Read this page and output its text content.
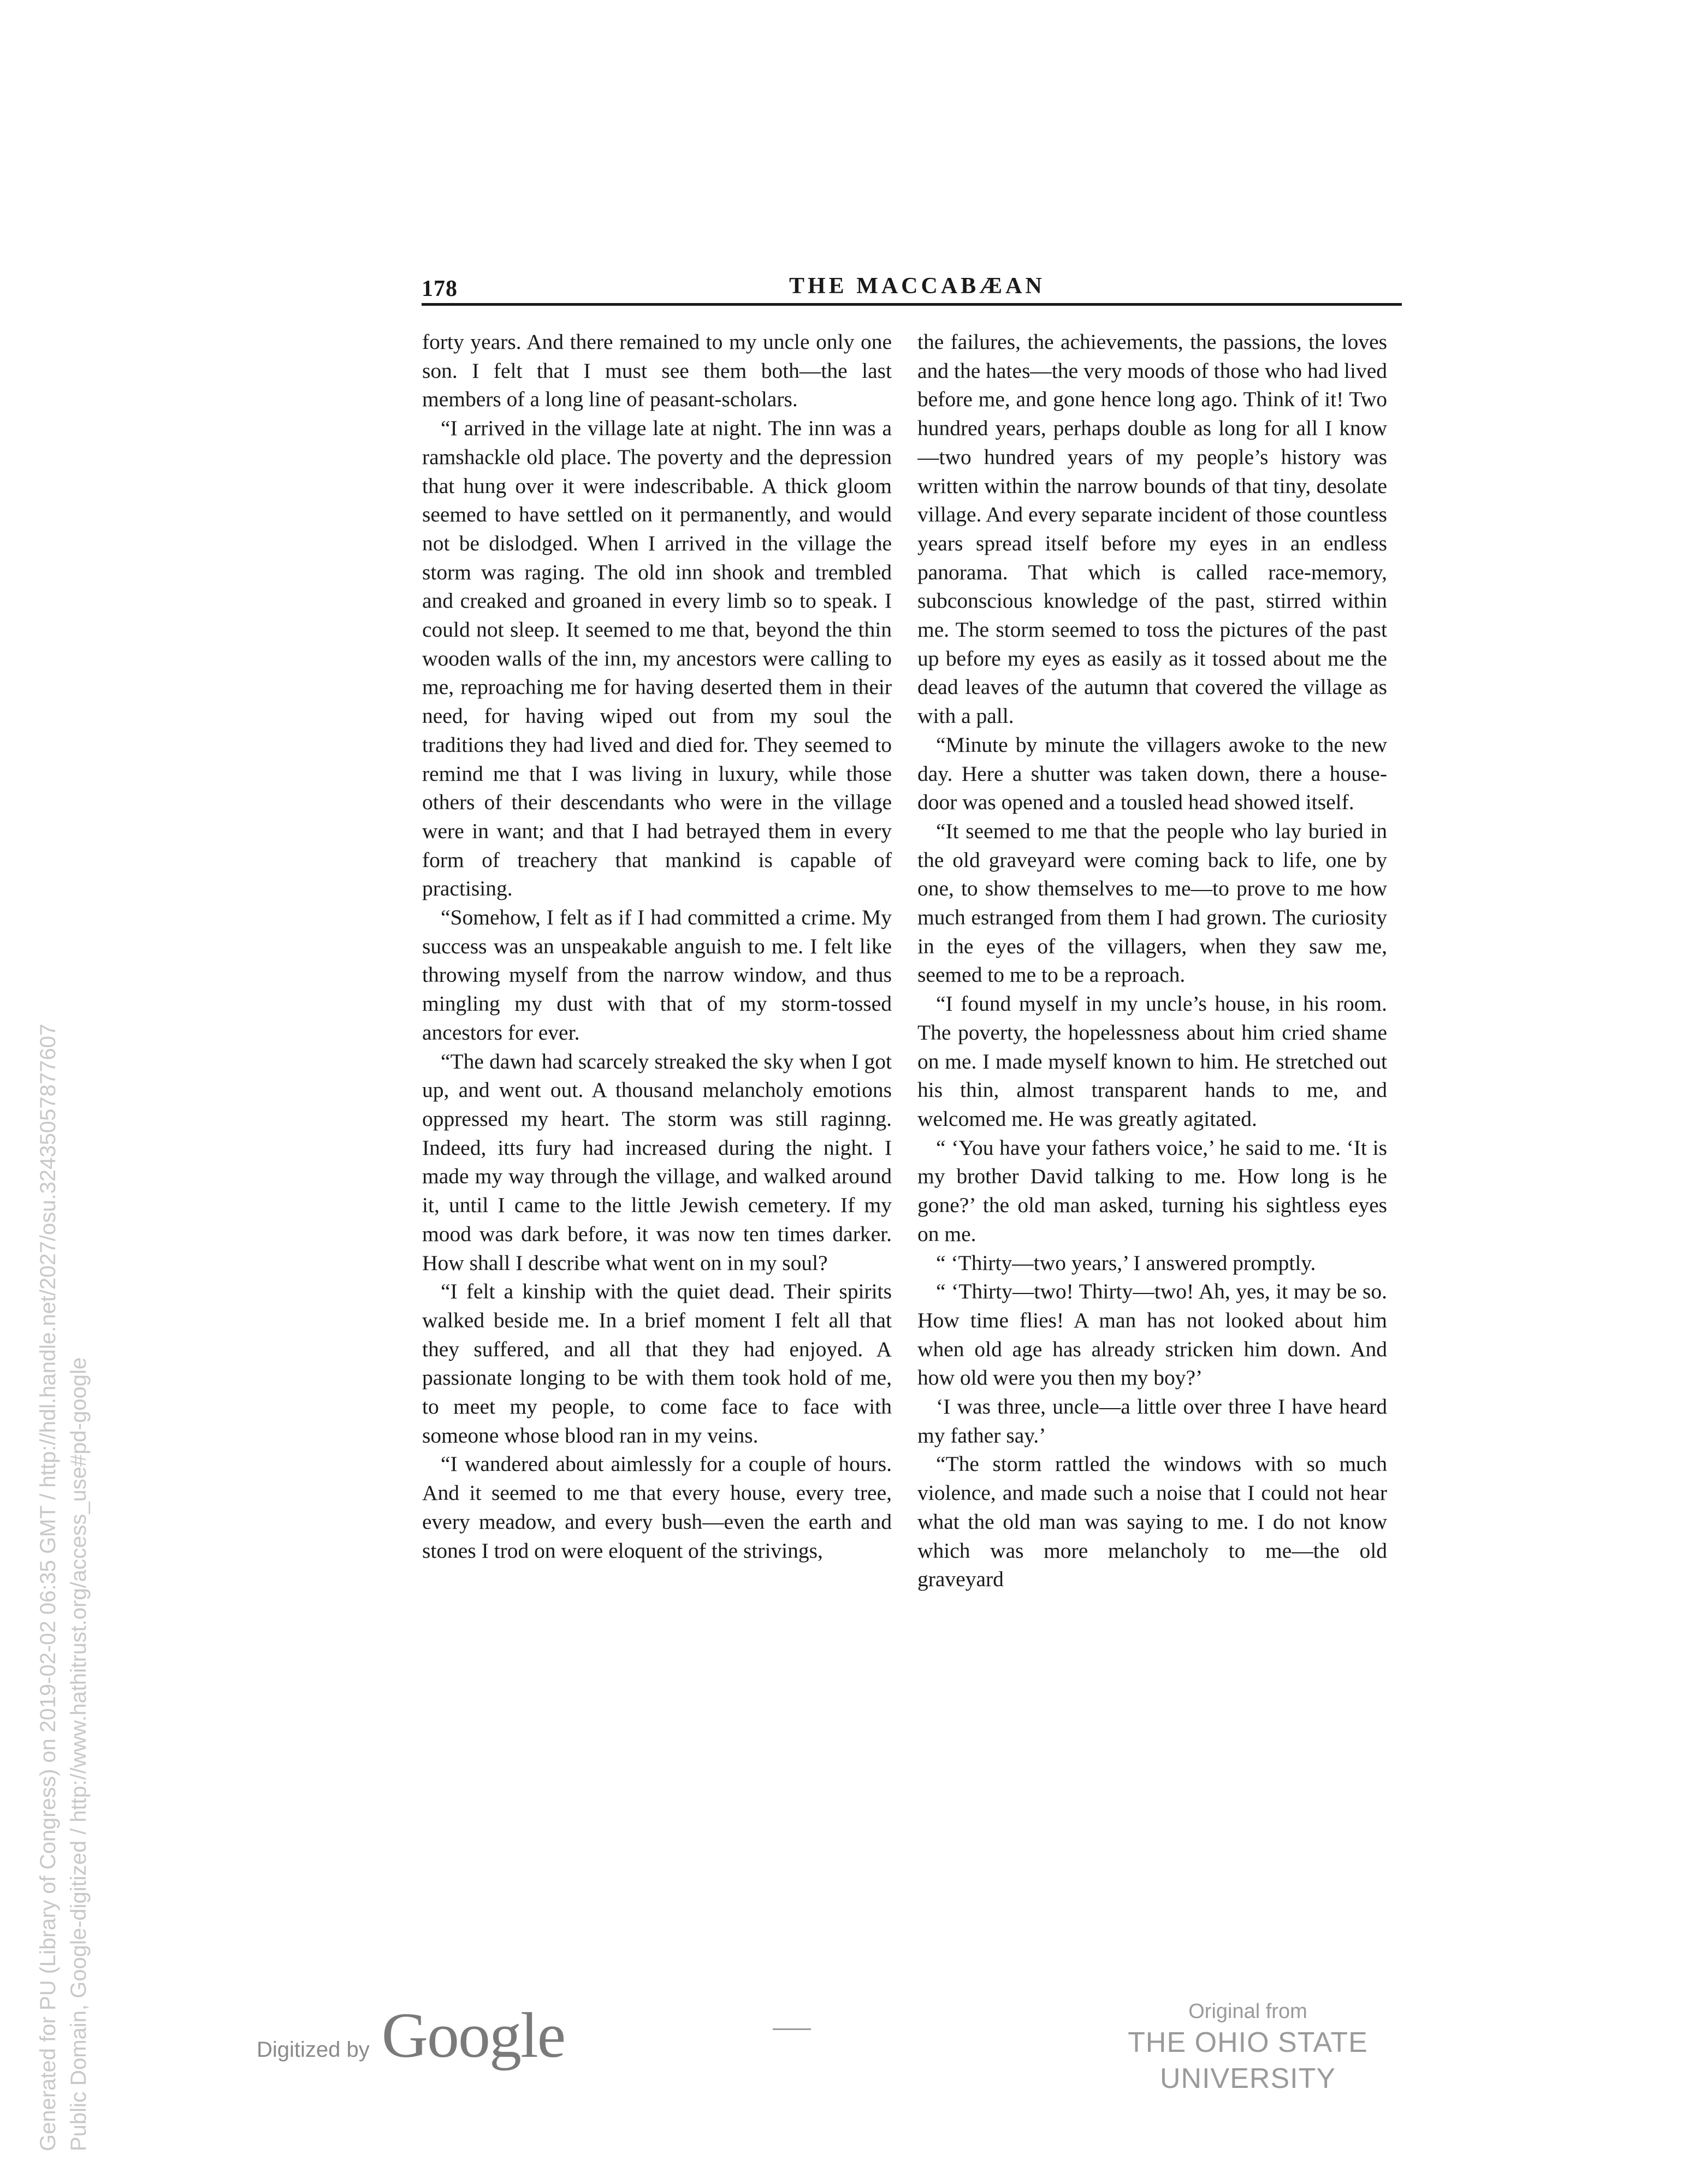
178	THE MACCABÆAN

forty years. And there remained to my uncle only one son. I felt that I must see them both—the last members of a long line of peasant-scholars.

“I arrived in the village late at night. The inn was a ramshackle old place. The poverty and the depression that hung over it were indescribable. A thick gloom seemed to have settled on it permanently, and would not be dislodged. When I arrived in the village the storm was raging. The old inn shook and trembled and creaked and groaned in every limb so to speak. I could not sleep. It seemed to me that, beyond the thin wooden walls of the inn, my ancestors were calling to me, reproaching me for having deserted them in their need, for having wiped out from my soul the traditions they had lived and died for. They seemed to remind me that I was living in luxury, while those others of their descendants who were in the village were in want; and that I had betrayed them in every form of treachery that mankind is capable of practising.

“Somehow, I felt as if I had committed a crime. My success was an unspeakable anguish to me. I felt like throwing myself from the narrow window, and thus mingling my dust with that of my storm-tossed ancestors for ever.

“The dawn had scarcely streaked the sky when I got up, and went out. A thousand melancholy emotions oppressed my heart. The storm was still raginng. Indeed, itts fury had increased during the night. I made my way through the village, and walked around it, until I came to the little Jewish cemetery. If my mood was dark before, it was now ten times darker. How shall I describe what went on in my soul?

“I felt a kinship with the quiet dead. Their spirits walked beside me. In a brief moment I felt all that they suffered, and all that they had enjoyed. A passionate longing to be with them took hold of me, to meet my people, to come face to face with someone whose blood ran in my veins.

“I wandered about aimlessly for a couple of hours. And it seemed to me that every house, every tree, every meadow, and every bush—even the earth and stones I trod on were eloquent of the strivings,

the failures, the achievements, the passions, the loves and the hates—the very moods of those who had lived before me, and gone hence long ago. Think of it! Two hundred years, perhaps double as long for all I know—two hundred years of my people’s history was written within the narrow bounds of that tiny, desolate village. And every separate incident of those countless years spread itself before my eyes in an endless panorama. That which is called race-memory, subconscious knowledge of the past, stirred within me. The storm seemed to toss the pictures of the past up before my eyes as easily as it tossed about me the dead leaves of the autumn that covered the village as with a pall.

“Minute by minute the villagers awoke to the new day. Here a shutter was taken down, there a house-door was opened and a tousled head showed itself.

“It seemed to me that the people who lay buried in the old graveyard were coming back to life, one by one, to show themselves to me—to prove to me how much estranged from them I had grown. The curiosity in the eyes of the villagers, when they saw me, seemed to me to be a reproach.

“I found myself in my uncle’s house, in his room. The poverty, the hopelessness about him cried shame on me. I made myself known to him. He stretched out his thin, almost transparent hands to me, and welcomed me. He was greatly agitated.

“ ‘You have your fathers voice,’ he said to me. ‘It is my brother David talking to me. How long is he gone?’ the old man asked, turning his sightless eyes on me.

“ ‘Thirty—two years,’ I answered promptly.

“ ‘Thirty—two! Thirty—two! Ah, yes, it may be so. How time flies! A man has not looked about him when old age has already stricken him down. And how old were you then my boy?’

‘I was three, uncle—a little over three I have heard my father say.’

“The storm rattled the windows with so much violence, and made such a noise that I could not hear what the old man was saying to me. I do not know which was more melancholy to me—the old graveyard

Generated for PU (Library of Congress) on 2019-02-02 06:35 GMT / http://hdl.handle.net/2027/osu.32435057877607 Public Domain, Google-digitized / http://www.hathitrust.org/access_use#pd-google	Digitized by Google	Original from
THE OHIO STATE UNIVERSITY
